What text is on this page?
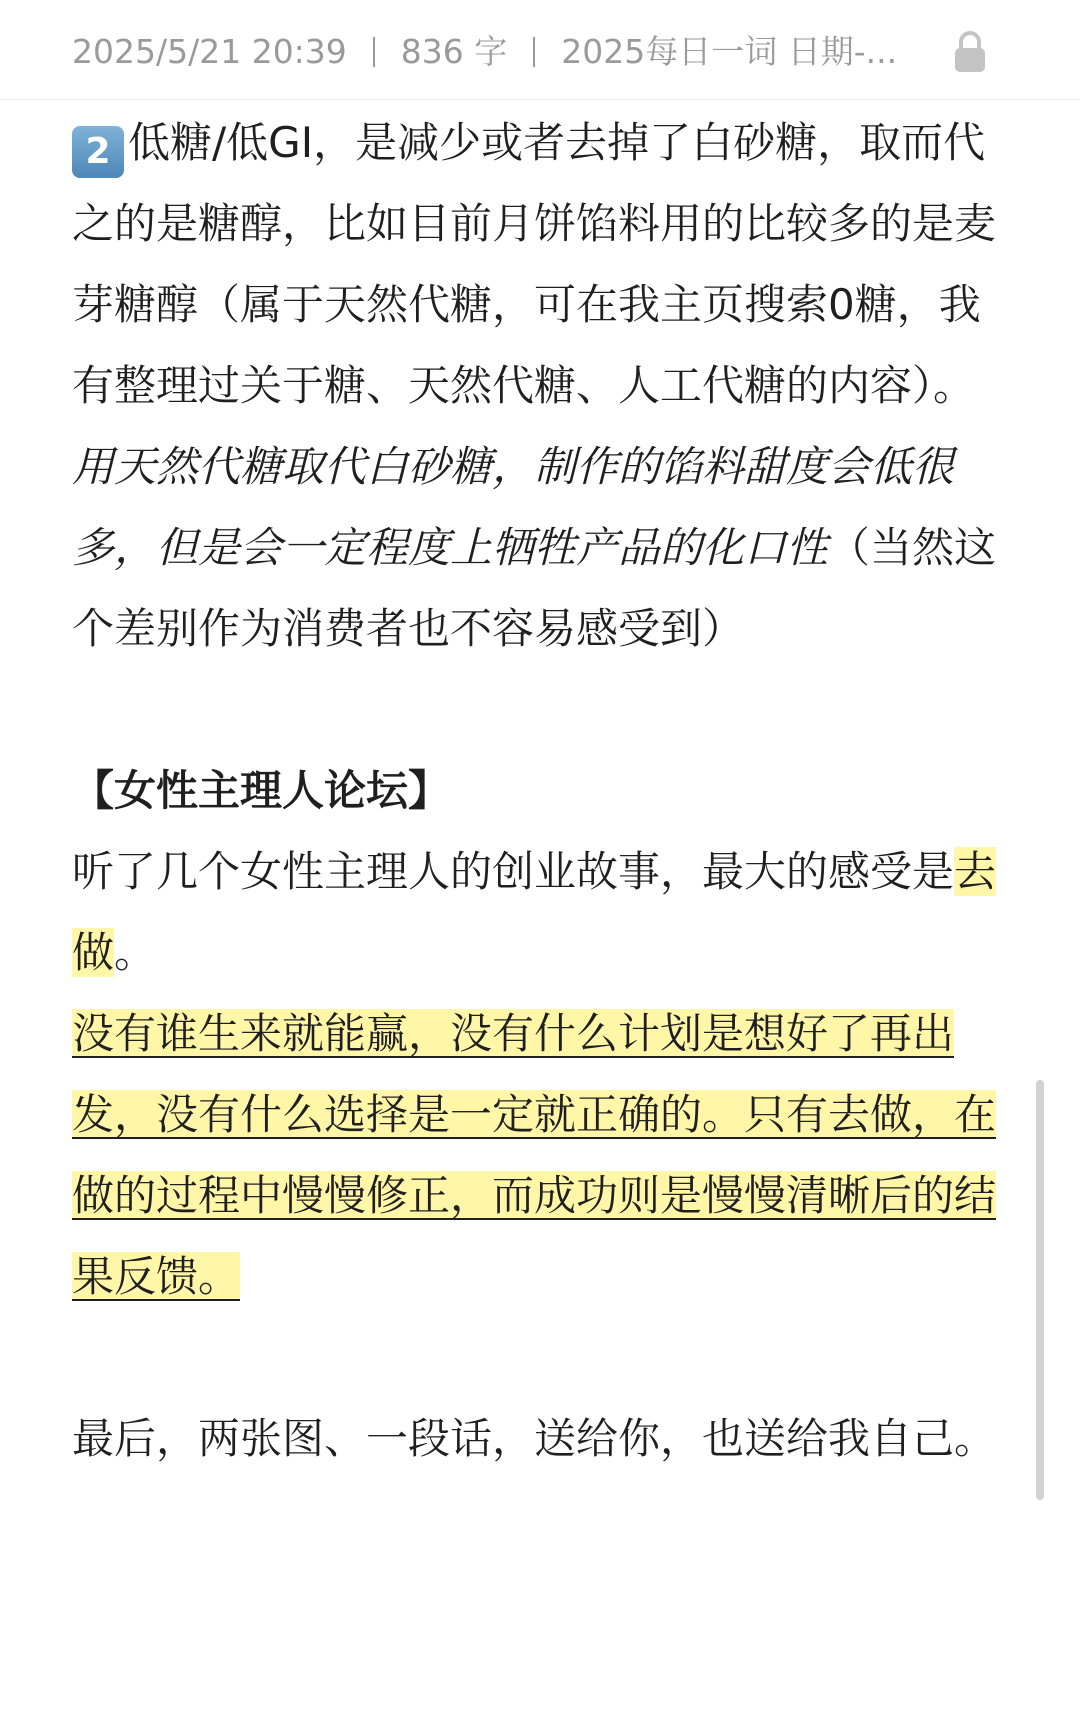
2025/5/21 20:39 836 字 2025每日一词 日期-...

2 低糖/低GI，是减少或者去掉了白砂糖，取而代之的是糖醇，比如目前月饼馅料用的比较多的是麦芽糖醇（属于天然代糖，可在我主页搜索0糖，我有整理过关于糖、天然代糖、人工代糖的内容）。

用天然代糖取代白砂糖，制作的馅料甜度会低很多，但是会一定程度上牺牲产品的化口性（当然这个差别作为消费者也不容易感受到）

【女性主理人论坛】

听了几个女性主理人的创业故事，最大的感受是去做。

没有谁生来就能赢，没有什么计划是想好了再出发，没有什么选择是一定就正确的。只有去做，在做的过程中慢慢修正，而成功则是慢慢清晰后的结果反馈。

最后，两张图、一段话，送给你，也送给我自己。
